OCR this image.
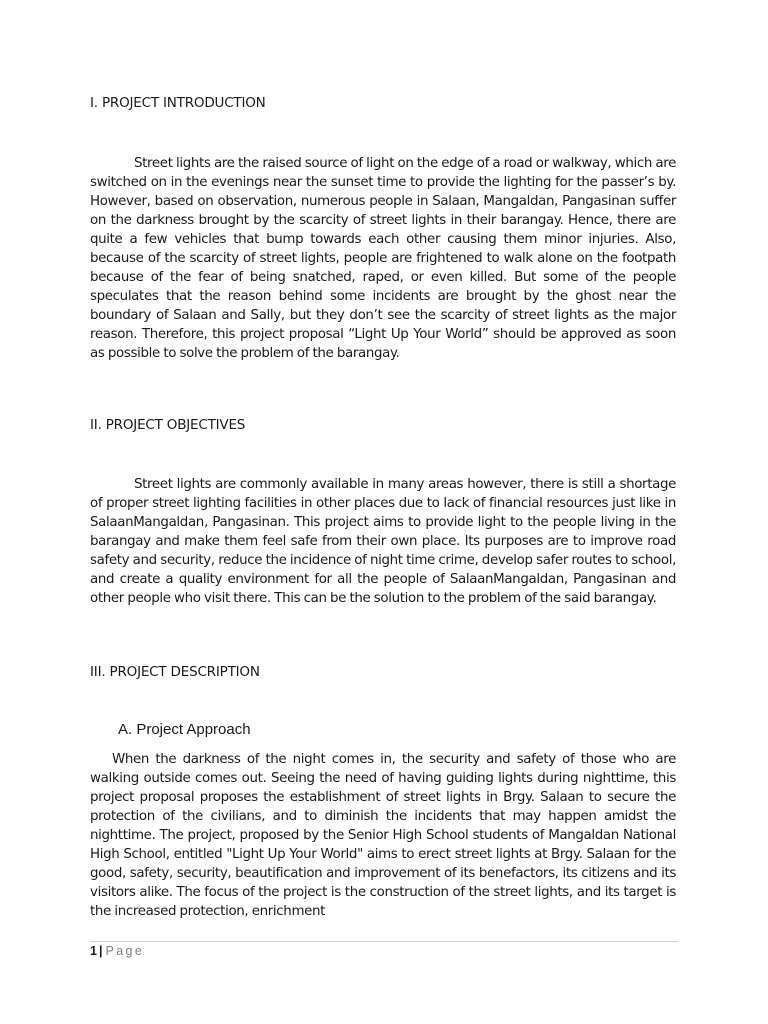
I. PROJECT INTRODUCTION

Street lights are the raised source of light on the edge of a road or walkway, which are switched on in the evenings near the sunset time to provide the lighting for the passer’s by. However, based on observation, numerous people in Salaan, Mangaldan, Pangasinan suffer on the darkness brought by the scarcity of street lights in their barangay. Hence, there are quite a few vehicles that bump towards each other causing them minor injuries. Also, because of the scarcity of street lights, people are frightened to walk alone on the footpath because of the fear of being snatched, raped, or even killed. But some of the people speculates that the reason behind some incidents are brought by the ghost near the boundary of Salaan and Sally, but they don’t see the scarcity of street lights as the major reason. Therefore, this project proposal “Light Up Your World” should be approved as soon as possible to solve the problem of the barangay.

II. PROJECT OBJECTIVES

Street lights are commonly available in many areas however, there is still a shortage of proper street lighting facilities in other places due to lack of financial resources just like in SalaanMangaldan, Pangasinan. This project aims to provide light to the people living in the barangay and make them feel safe from their own place. Its purposes are to improve road safety and security, reduce the incidence of night time crime, develop safer routes to school, and create a quality environment for all the people of SalaanMangaldan, Pangasinan and other people who visit there. This can be the solution to the problem of the said barangay.

III. PROJECT DESCRIPTION
A. Project Approach

When the darkness of the night comes in, the security and safety of those who are walking outside comes out. Seeing the need of having guiding lights during nighttime, this project proposal proposes the establishment of street lights in Brgy. Salaan to secure the protection of the civilians, and to diminish the incidents that may happen amidst the nighttime. The project, proposed by the Senior High School students of Mangaldan National High School, entitled "Light Up Your World" aims to erect street lights at Brgy. Salaan for the good, safety, security, beautification and improvement of its benefactors, its citizens and its visitors alike. The focus of the project is the construction of the street lights, and its target is the increased protection, enrichment

1 | Page
